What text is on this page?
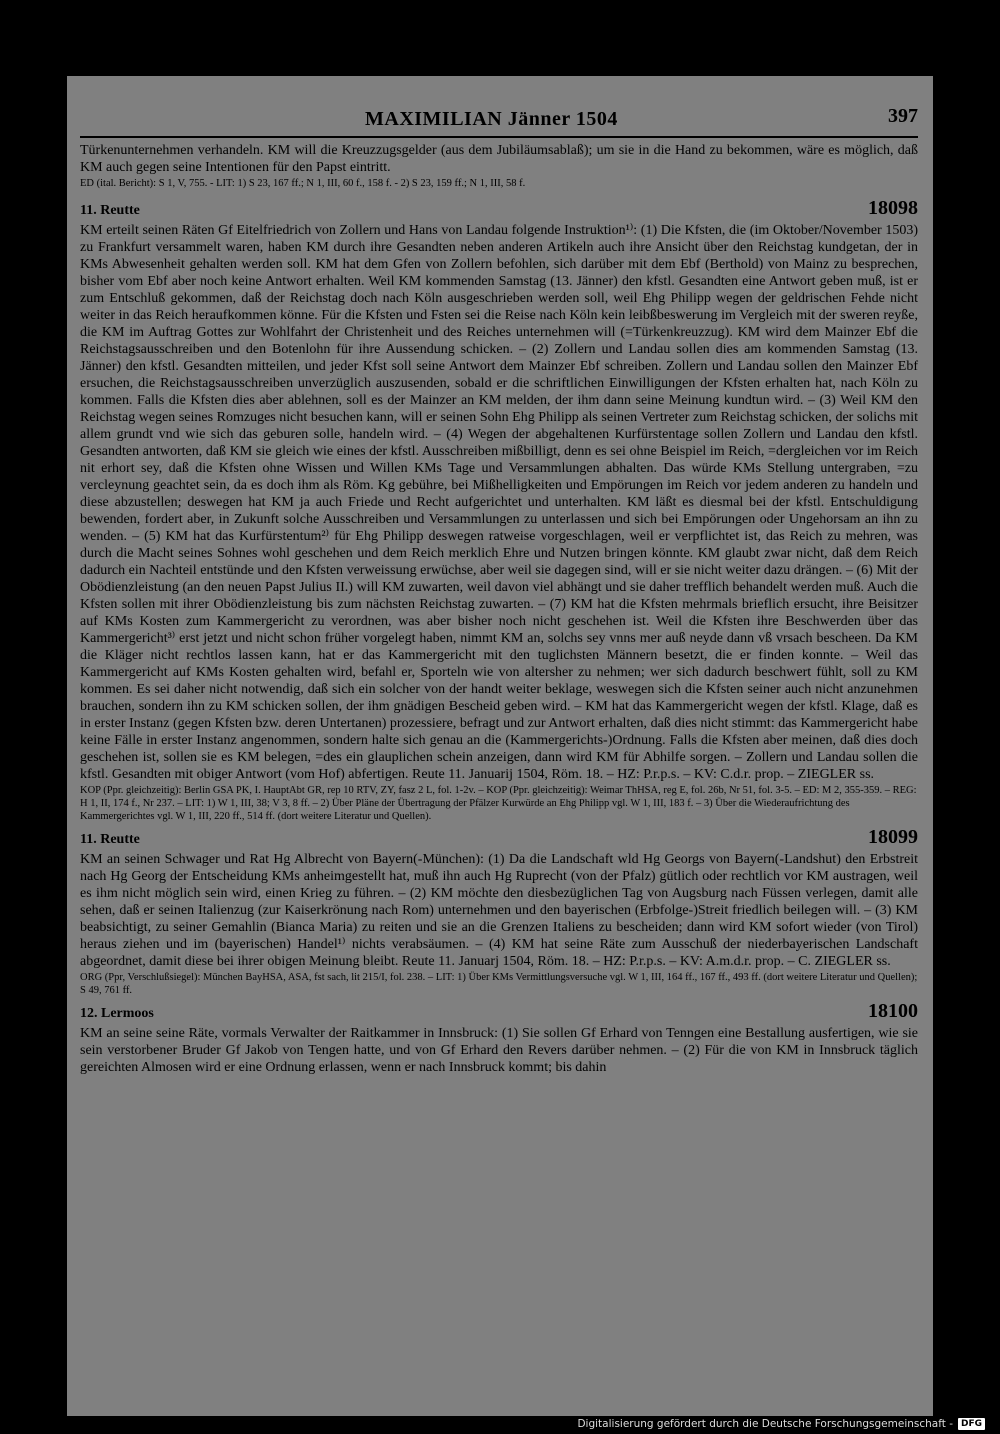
MAXIMILIAN Jänner 1504	397

Türkenunternehmen verhandeln. KM will die Kreuzzugsgelder (aus dem Jubiläumsablaß); um sie in die Hand zu bekommen, wäre es möglich, daß KM auch gegen seine Intentionen für den Papst eintritt.

ED (ital. Bericht): S 1, V, 755. - LIT: 1) S 23, 167 ff.; N 1, III, 60 f., 158 f. - 2) S 23, 159 ff.; N 1, III, 58 f.

11. Reutte	18098

KM erteilt seinen Räten Gf Eitelfriedrich von Zollern und Hans von Landau folgende Instruktion¹⁾: (1) Die Kfsten, die (im Oktober/November 1503) zu Frankfurt versammelt waren, haben KM durch ihre Gesandten neben anderen Artikeln auch ihre Ansicht über den Reichstag kundgetan, der in KMs Abwesenheit gehalten werden soll. KM hat dem Gfen von Zollern befohlen, sich darüber mit dem Ebf (Berthold) von Mainz zu besprechen, bisher vom Ebf aber noch keine Antwort erhalten. Weil KM kommenden Samstag (13. Jänner) den kfstl. Gesandten eine Antwort geben muß, ist er zum Entschluß gekommen, daß der Reichstag doch nach Köln ausgeschrieben werden soll, weil Ehg Philipp wegen der geldrischen Fehde nicht weiter in das Reich heraufkommen könne. Für die Kfsten und Fsten sei die Reise nach Köln kein leibßbeswerung im Vergleich mit der sweren reyße, die KM im Auftrag Gottes zur Wohlfahrt der Christenheit und des Reiches unternehmen will (=Türkenkreuzzug). KM wird dem Mainzer Ebf die Reichstagsausschreiben und den Botenlohn für ihre Aussendung schicken. – (2) Zollern und Landau sollen dies am kommenden Samstag (13. Jänner) den kfstl. Gesandten mitteilen, und jeder Kfst soll seine Antwort dem Mainzer Ebf schreiben. Zollern und Landau sollen den Mainzer Ebf ersuchen, die Reichstagsausschreiben unverzüglich auszusenden, sobald er die schriftlichen Einwilligungen der Kfsten erhalten hat, nach Köln zu kommen. Falls die Kfsten dies aber ablehnen, soll es der Mainzer an KM melden, der ihm dann seine Meinung kundtun wird. – (3) Weil KM den Reichstag wegen seines Romzuges nicht besuchen kann, will er seinen Sohn Ehg Philipp als seinen Vertreter zum Reichstag schicken, der solichs mit allem grundt vnd wie sich das geburen solle, handeln wird. – (4) Wegen der abgehaltenen Kurfürstentage sollen Zollern und Landau den kfstl. Gesandten antworten, daß KM sie gleich wie eines der kfstl. Ausschreiben mißbilligt, denn es sei ohne Beispiel im Reich, =dergleichen vor im Reich nit erhort sey, daß die Kfsten ohne Wissen und Willen KMs Tage und Versammlungen abhalten. Das würde KMs Stellung untergraben, =zu vercleynung geachtet sein, da es doch ihm als Röm. Kg gebühre, bei Mißhelligkeiten und Empörungen im Reich vor jedem anderen zu handeln und diese abzustellen; deswegen hat KM ja auch Friede und Recht aufgerichtet und unterhalten. KM läßt es diesmal bei der kfstl. Entschuldigung bewenden, fordert aber, in Zukunft solche Ausschreiben und Versammlungen zu unterlassen und sich bei Empörungen oder Ungehorsam an ihn zu wenden. – (5) KM hat das Kurfürstentum²⁾ für Ehg Philipp deswegen ratweise vorgeschlagen, weil er verpflichtet ist, das Reich zu mehren, was durch die Macht seines Sohnes wohl geschehen und dem Reich merklich Ehre und Nutzen bringen könnte. KM glaubt zwar nicht, daß dem Reich dadurch ein Nachteil entstünde und den Kfsten verweissung erwüchse, aber weil sie dagegen sind, will er sie nicht weiter dazu drängen. – (6) Mit der Obödienzleistung (an den neuen Papst Julius II.) will KM zuwarten, weil davon viel abhängt und sie daher trefflich behandelt werden muß. Auch die Kfsten sollen mit ihrer Obödienzleistung bis zum nächsten Reichstag zuwarten. – (7) KM hat die Kfsten mehrmals brieflich ersucht, ihre Beisitzer auf KMs Kosten zum Kammergericht zu verordnen, was aber bisher noch nicht geschehen ist. Weil die Kfsten ihre Beschwerden über das Kammergericht³⁾ erst jetzt und nicht schon früher vorgelegt haben, nimmt KM an, solchs sey vnns mer auß neyde dann vß vrsach bescheen. Da KM die Kläger nicht rechtlos lassen kann, hat er das Kammergericht mit den tuglichsten Männern besetzt, die er finden konnte. – Weil das Kammergericht auf KMs Kosten gehalten wird, befahl er, Sporteln wie von altersher zu nehmen; wer sich dadurch beschwert fühlt, soll zu KM kommen. Es sei daher nicht notwendig, daß sich ein solcher von der handt weiter beklage, weswegen sich die Kfsten seiner auch nicht anzunehmen brauchen, sondern ihn zu KM schicken sollen, der ihm gnädigen Bescheid geben wird. – KM hat das Kammergericht wegen der kfstl. Klage, daß es in erster Instanz (gegen Kfsten bzw. deren Untertanen) prozessiere, befragt und zur Antwort erhalten, daß dies nicht stimmt: das Kammergericht habe keine Fälle in erster Instanz angenommen, sondern halte sich genau an die (Kammergerichts-)Ordnung. Falls die Kfsten aber meinen, daß dies doch geschehen ist, sollen sie es KM belegen, =des ein glauplichen schein anzeigen, dann wird KM für Abhilfe sorgen. – Zollern und Landau sollen die kfstl. Gesandten mit obiger Antwort (vom Hof) abfertigen. Reute 11. Januarij 1504, Röm. 18. – HZ: P.r.p.s. – KV: C.d.r. prop. – ZIEGLER ss.

KOP (Ppr. gleichzeitig): Berlin GSA PK, I. HauptAbt GR, rep 10 RTV, ZY, fasz 2 L, fol. 1-2v. – KOP (Ppr. gleichzeitig): Weimar ThHSA, reg E, fol. 26b, Nr 51, fol. 3-5. – ED: M 2, 355-359. – REG: H 1, II, 174 f., Nr 237. – LIT: 1) W 1, III, 38; V 3, 8 ff. – 2) Über Pläne der Übertragung der Pfälzer Kurwürde an Ehg Philipp vgl. W 1, III, 183 f. – 3) Über die Wiederaufrichtung des Kammergerichtes vgl. W 1, III, 220 ff., 514 ff. (dort weitere Literatur und Quellen).

11. Reutte	18099

KM an seinen Schwager und Rat Hg Albrecht von Bayern(-München): (1) Da die Landschaft wld Hg Georgs von Bayern(-Landshut) den Erbstreit nach Hg Georg der Entscheidung KMs anheimgestellt hat, muß ihn auch Hg Ruprecht (von der Pfalz) gütlich oder rechtlich vor KM austragen, weil es ihm nicht möglich sein wird, einen Krieg zu führen. – (2) KM möchte den diesbezüglichen Tag von Augsburg nach Füssen verlegen, damit alle sehen, daß er seinen Italienzug (zur Kaiserkrönung nach Rom) unternehmen und den bayerischen (Erbfolge-)Streit friedlich beilegen will. – (3) KM beabsichtigt, zu seiner Gemahlin (Bianca Maria) zu reiten und sie an die Grenzen Italiens zu bescheiden; dann wird KM sofort wieder (von Tirol) heraus ziehen und im (bayerischen) Handel¹⁾ nichts verabsäumen. – (4) KM hat seine Räte zum Ausschuß der niederbayerischen Landschaft abgeordnet, damit diese bei ihrer obigen Meinung bleibt. Reute 11. Januarj 1504, Röm. 18. – HZ: P.r.p.s. – KV: A.m.d.r. prop. – C. ZIEGLER ss.

ORG (Ppr, Verschlußsiegel): München BayHSA, ASA, fst sach, lit 215/I, fol. 238. – LIT: 1) Über KMs Vermittlungsversuche vgl. W 1, III, 164 ff., 167 ff., 493 ff. (dort weitere Literatur und Quellen); S 49, 761 ff.

12. Lermoos	18100

KM an seine seine Räte, vormals Verwalter der Raitkammer in Innsbruck: (1) Sie sollen Gf Erhard von Tenngen eine Bestallung ausfertigen, wie sie sein verstorbener Bruder Gf Jakob von Tengen hatte, und von Gf Erhard den Revers darüber nehmen. – (2) Für die von KM in Innsbruck täglich gereichten Almosen wird er eine Ordnung erlassen, wenn er nach Innsbruck kommt; bis dahin

Digitalisierung gefördert durch die Deutsche Forschungsgemeinschaft - DFG
